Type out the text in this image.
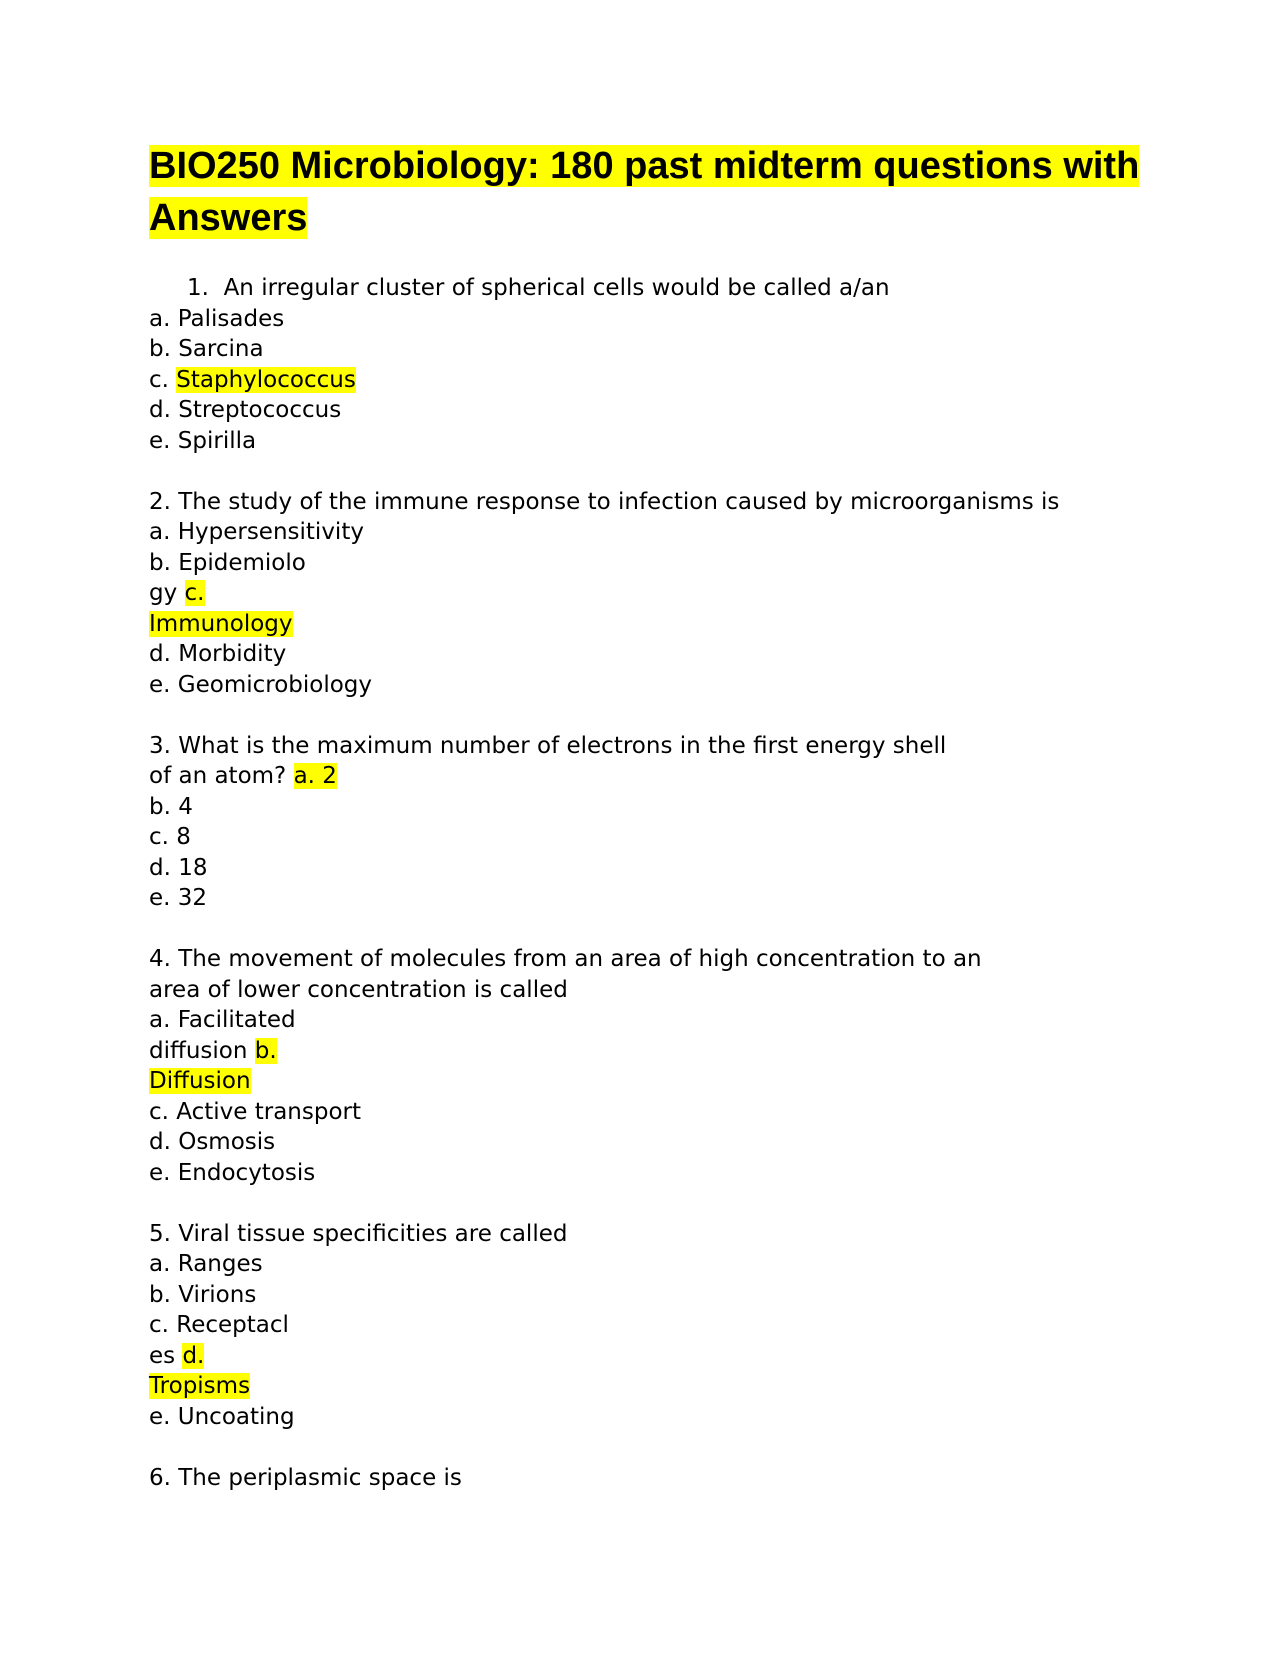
BIO250 Microbiology: 180 past midterm questions with
Answers
1.  An irregular cluster of spherical cells would be called a/an
a. Palisades
b. Sarcina
c. Staphylococcus
d. Streptococcus
e. Spirilla
2. The study of the immune response to infection caused by microorganisms is
a. Hypersensitivity
b. Epidemiolo
gy c.
Immunology
d. Morbidity
e. Geomicrobiology
3. What is the maximum number of electrons in the first energy shell
of an atom? a. 2
b. 4
c. 8
d. 18
e. 32
4. The movement of molecules from an area of high concentration to an
area of lower concentration is called
a. Facilitated
diffusion b.
Diffusion
c. Active transport
d. Osmosis
e. Endocytosis
5. Viral tissue specificities are called
a. Ranges
b. Virions
c. Receptacl
es d.
Tropisms
e. Uncoating
6. The periplasmic space is
